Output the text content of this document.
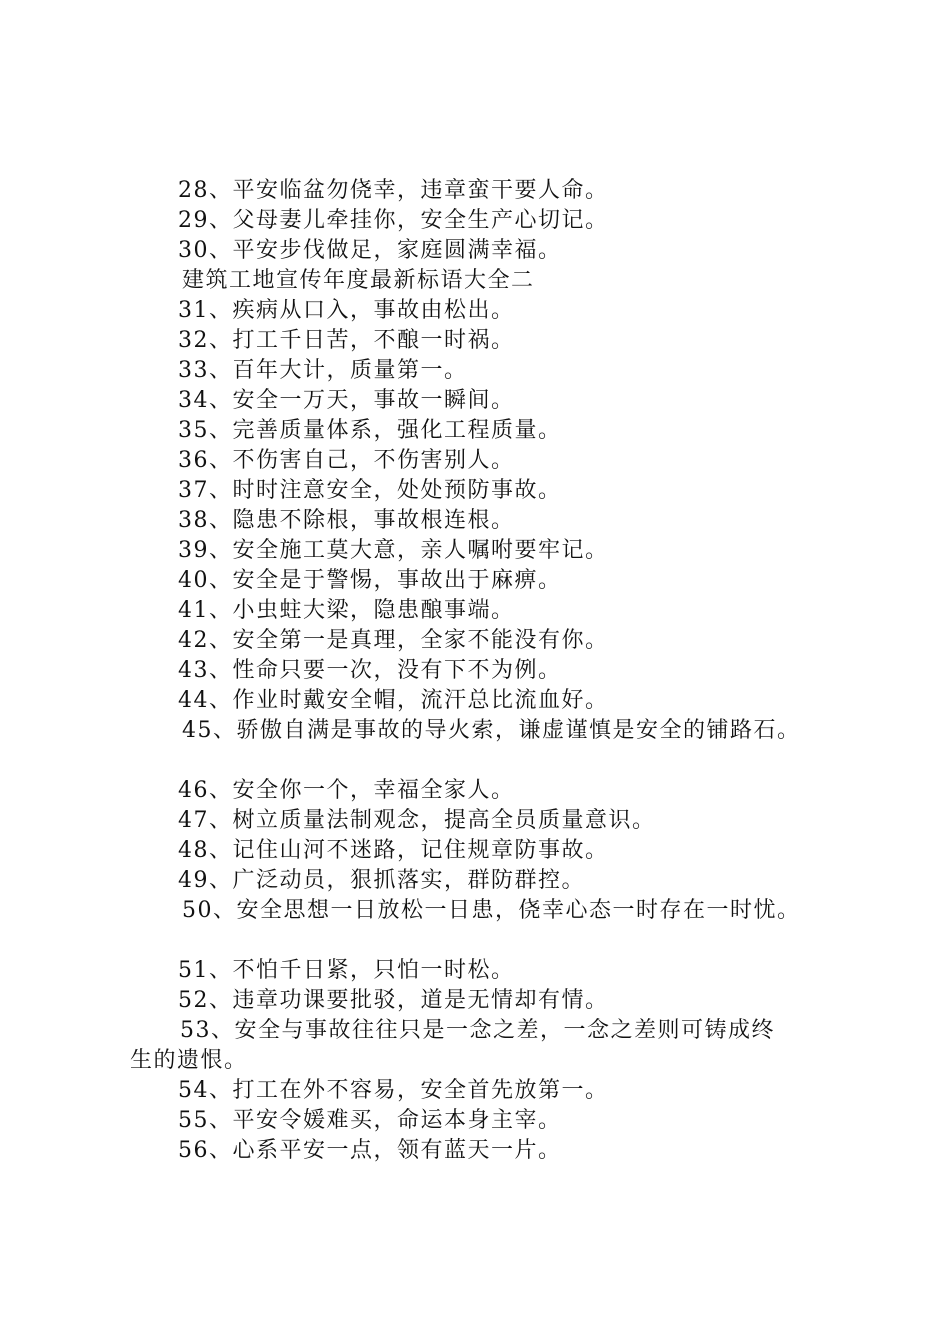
28、平安临盆勿侥幸，违章蛮干要人命。
29、父母妻儿牵挂你，安全生产心切记。
30、平安步伐做足，家庭圆满幸福。
建筑工地宣传年度最新标语大全二
31、疾病从口入，事故由松出。
32、打工千日苦，不酿一时祸。
33、百年大计，质量第一。
34、安全一万天，事故一瞬间。
35、完善质量体系，强化工程质量。
36、不伤害自己，不伤害别人。
37、时时注意安全，处处预防事故。
38、隐患不除根，事故根连根。
39、安全施工莫大意，亲人嘱咐要牢记。
40、安全是于警惕，事故出于麻痹。
41、小虫蛀大梁，隐患酿事端。
42、安全第一是真理，全家不能没有你。
43、性命只要一次，没有下不为例。
44、作业时戴安全帽，流汗总比流血好。
45、骄傲自满是事故的导火索，谦虚谨慎是安全的铺路石。
46、安全你一个，幸福全家人。
47、树立质量法制观念，提高全员质量意识。
48、记住山河不迷路，记住规章防事故。
49、广泛动员，狠抓落实，群防群控。
50、安全思想一日放松一日患，侥幸心态一时存在一时忧。
51、不怕千日紧，只怕一时松。
52、违章功课要批驳，道是无情却有情。
53、安全与事故往往只是一念之差，一念之差则可铸成终
生的遗恨。
54、打工在外不容易，安全首先放第一。
55、平安令媛难买，命运本身主宰。
56、心系平安一点，领有蓝天一片。
